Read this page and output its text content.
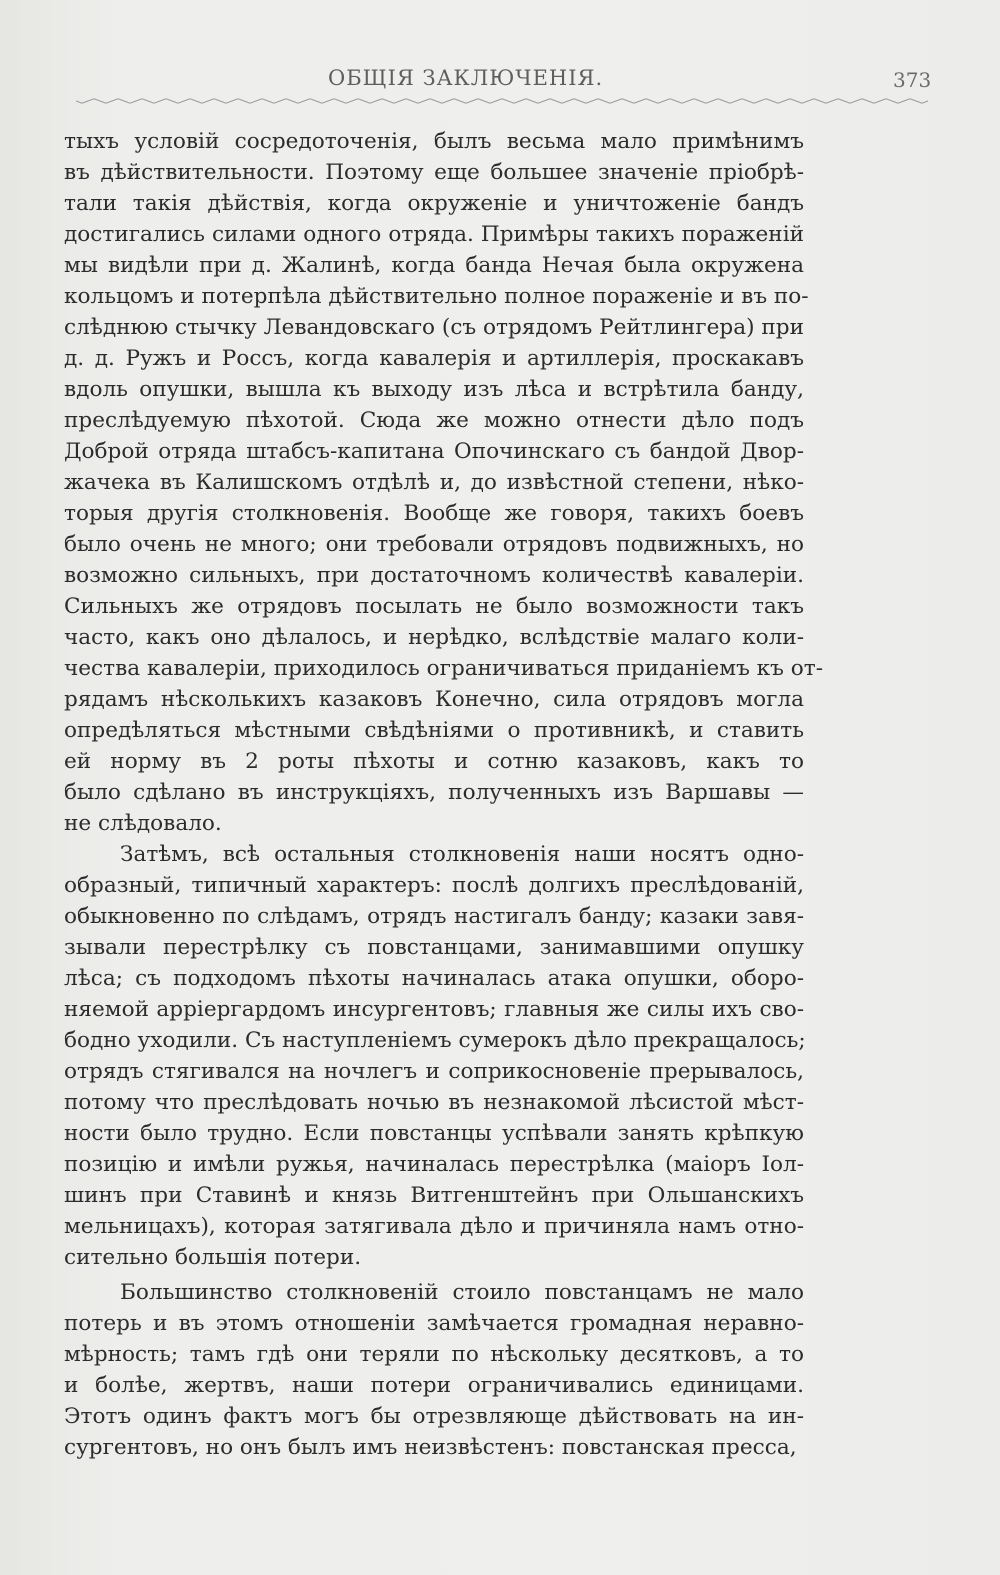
ОБЩІЯ ЗАКЛЮЧЕНІЯ.	373
тыхъ условій сосредоточенія, былъ весьма мало примѣнимъ
въ дѣйствительности. Поэтому еще большее значеніе пріобрѣ-
тали такія дѣйствія, когда окруженіе и уничтоженіе бандъ
достигались силами одного отряда. Примѣры такихъ пораженій
мы видѣли при д. Жалинѣ, когда банда Нечая была окружена
кольцомъ и потерпѣла дѣйствительно полное пораженіе и въ по-
слѣднюю стычку Левандовскаго (съ отрядомъ Рейтлингера) при
д. д. Ружъ и Россъ, когда кавалерія и артиллерія, проскакавъ
вдоль опушки, вышла къ выходу изъ лѣса и встрѣтила банду,
преслѣдуемую пѣхотой. Сюда же можно отнести дѣло подъ
Доброй отряда штабсъ-капитана Опочинскаго съ бандой Двор-
жачека въ Калишскомъ отдѣлѣ и, до извѣстной степени, нѣко-
торыя другія столкновенія. Вообще же говоря, такихъ боевъ
было очень не много; они требовали отрядовъ подвижныхъ, но
возможно сильныхъ, при достаточномъ количествѣ кавалеріи.
Сильныхъ же отрядовъ посылать не было возможности такъ
часто, какъ оно дѣлалось, и нерѣдко, вслѣдствіе малаго коли-
чества кавалеріи, приходилось ограничиваться приданіемъ къ от-
рядамъ нѣсколькихъ казаковъ Конечно, сила отрядовъ могла
опредѣляться мѣстными свѣдѣніями о противникѣ, и ставить
ей норму въ 2 роты пѣхоты и сотню казаковъ, какъ то
было сдѣлано въ инструкціяхъ, полученныхъ изъ Варшавы —
не слѣдовало.
Затѣмъ, всѣ остальныя столкновенія наши носятъ одно-
образный, типичный характеръ: послѣ долгихъ преслѣдованій,
обыкновенно по слѣдамъ, отрядъ настигалъ банду; казаки завя-
зывали перестрѣлку съ повстанцами, занимавшими опушку
лѣса; съ подходомъ пѣхоты начиналась атака опушки, оборо-
няемой арріергардомъ инсургентовъ; главныя же силы ихъ сво-
бодно уходили. Съ наступленіемъ сумерокъ дѣло прекращалось;
отрядъ стягивался на ночлегъ и соприкосновеніе прерывалось,
потому что преслѣдовать ночью въ незнакомой лѣсистой мѣст-
ности было трудно. Если повстанцы успѣвали занять крѣпкую
позицію и имѣли ружья, начиналась перестрѣлка (маіоръ Іол-
шинъ при Ставинѣ и князь Витгенштейнъ при Ольшанскихъ
мельницахъ), которая затягивала дѣло и причиняла намъ отно-
сительно большія потери.
Большинство столкновеній стоило повстанцамъ не мало
потерь и въ этомъ отношеніи замѣчается громадная неравно-
мѣрность; тамъ гдѣ они теряли по нѣскольку десятковъ, а то
и болѣе, жертвъ, наши потери ограничивались единицами.
Этотъ одинъ фактъ могъ бы отрезвляюще дѣйствовать на ин-
сургентовъ, но онъ былъ имъ неизвѣстенъ: повстанская пресса,
